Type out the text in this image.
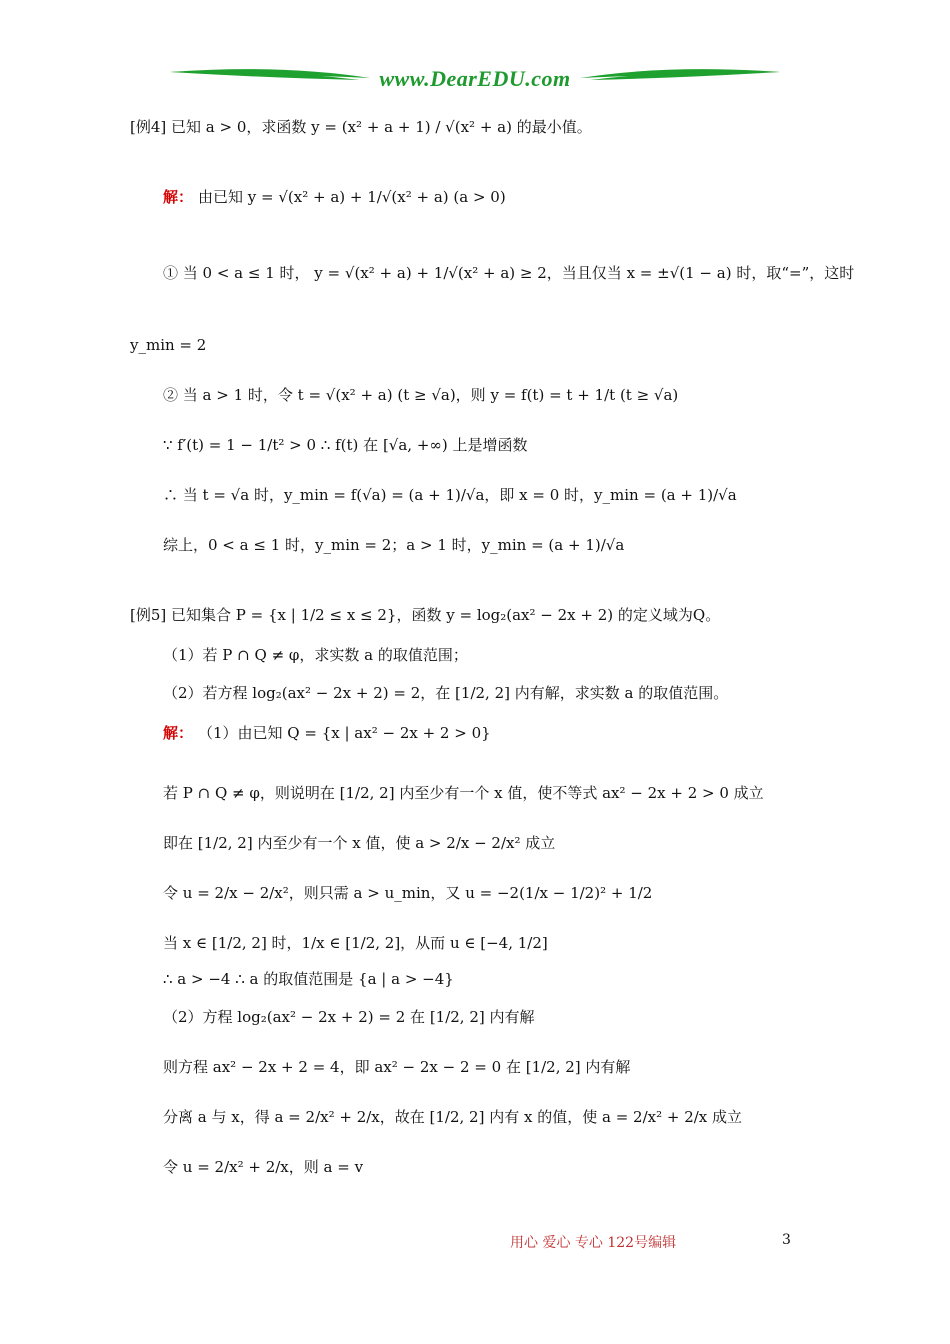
www.DearEDU.com
[例4] 已知 a > 0，求函数 y = (x² + a + 1) / √(x² + a) 的最小值。
解： 由已知 y = √(x² + a) + 1/√(x² + a) (a > 0)
① 当 0 < a ≤ 1 时， y = √(x² + a) + 1/√(x² + a) ≥ 2，当且仅当 x = ±√(1 − a) 时，取“=”，这时
y_min = 2
② 当 a > 1 时，令 t = √(x² + a) (t ≥ √a)，则 y = f(t) = t + 1/t (t ≥ √a)
∵ f′(t) = 1 − 1/t² > 0 ∴ f(t) 在 [√a, +∞) 上是增函数
∴ 当 t = √a 时，y_min = f(√a) = (a + 1)/√a，即 x = 0 时，y_min = (a + 1)/√a
综上，0 < a ≤ 1 时，y_min = 2；a > 1 时，y_min = (a + 1)/√a
[例5] 已知集合 P = {x | 1/2 ≤ x ≤ 2}，函数 y = log₂(ax² − 2x + 2) 的定义域为Q。
（1）若 P ∩ Q ≠ φ，求实数 a 的取值范围；
（2）若方程 log₂(ax² − 2x + 2) = 2，在 [1/2, 2] 内有解，求实数 a 的取值范围。
解： （1）由已知 Q = {x | ax² − 2x + 2 > 0}
若 P ∩ Q ≠ φ，则说明在 [1/2, 2] 内至少有一个 x 值，使不等式 ax² − 2x + 2 > 0 成立
即在 [1/2, 2] 内至少有一个 x 值，使 a > 2/x − 2/x² 成立
令 u = 2/x − 2/x²，则只需 a > u_min，又 u = −2(1/x − 1/2)² + 1/2
当 x ∈ [1/2, 2] 时，1/x ∈ [1/2, 2]，从而 u ∈ [−4, 1/2]
∴ a > −4 ∴ a 的取值范围是 {a | a > −4}
（2）方程 log₂(ax² − 2x + 2) = 2 在 [1/2, 2] 内有解
则方程 ax² − 2x + 2 = 4，即 ax² − 2x − 2 = 0 在 [1/2, 2] 内有解
分离 a 与 x，得 a = 2/x² + 2/x，故在 [1/2, 2] 内有 x 的值，使 a = 2/x² + 2/x 成立
令 u = 2/x² + 2/x，则 a = v
用心 爱心 专心 122号编辑	3
